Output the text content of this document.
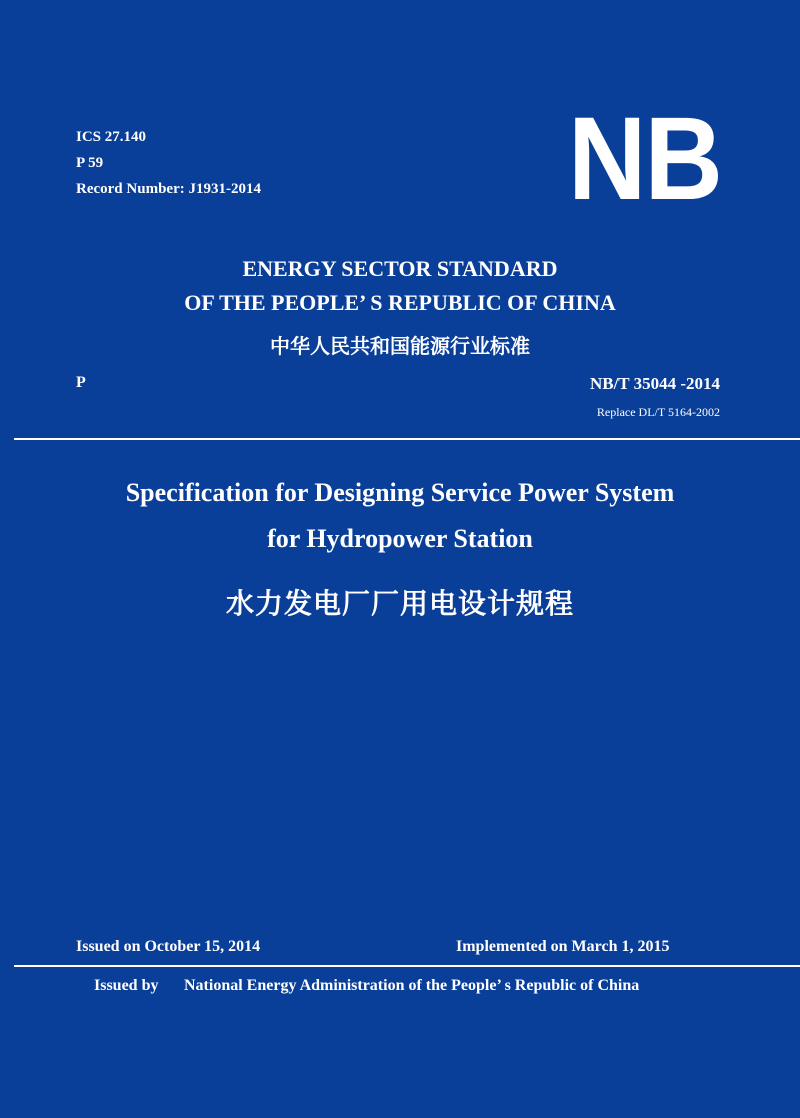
ICS 27.140
P 59
Record Number: J1931-2014	NB
ENERGY SECTOR STANDARD
OF THE PEOPLE’ S REPUBLIC OF CHINA
中华人民共和国能源行业标准
P	NB/T 35044 -2014
Replace DL/T 5164-2002
Specification for Designing Service Power System
for Hydropower Station
水力发电厂厂用电设计规程
Issued on October 15, 2014	Implemented on March 1, 2015
Issued by National Energy Administration of the People’ s Republic of China
